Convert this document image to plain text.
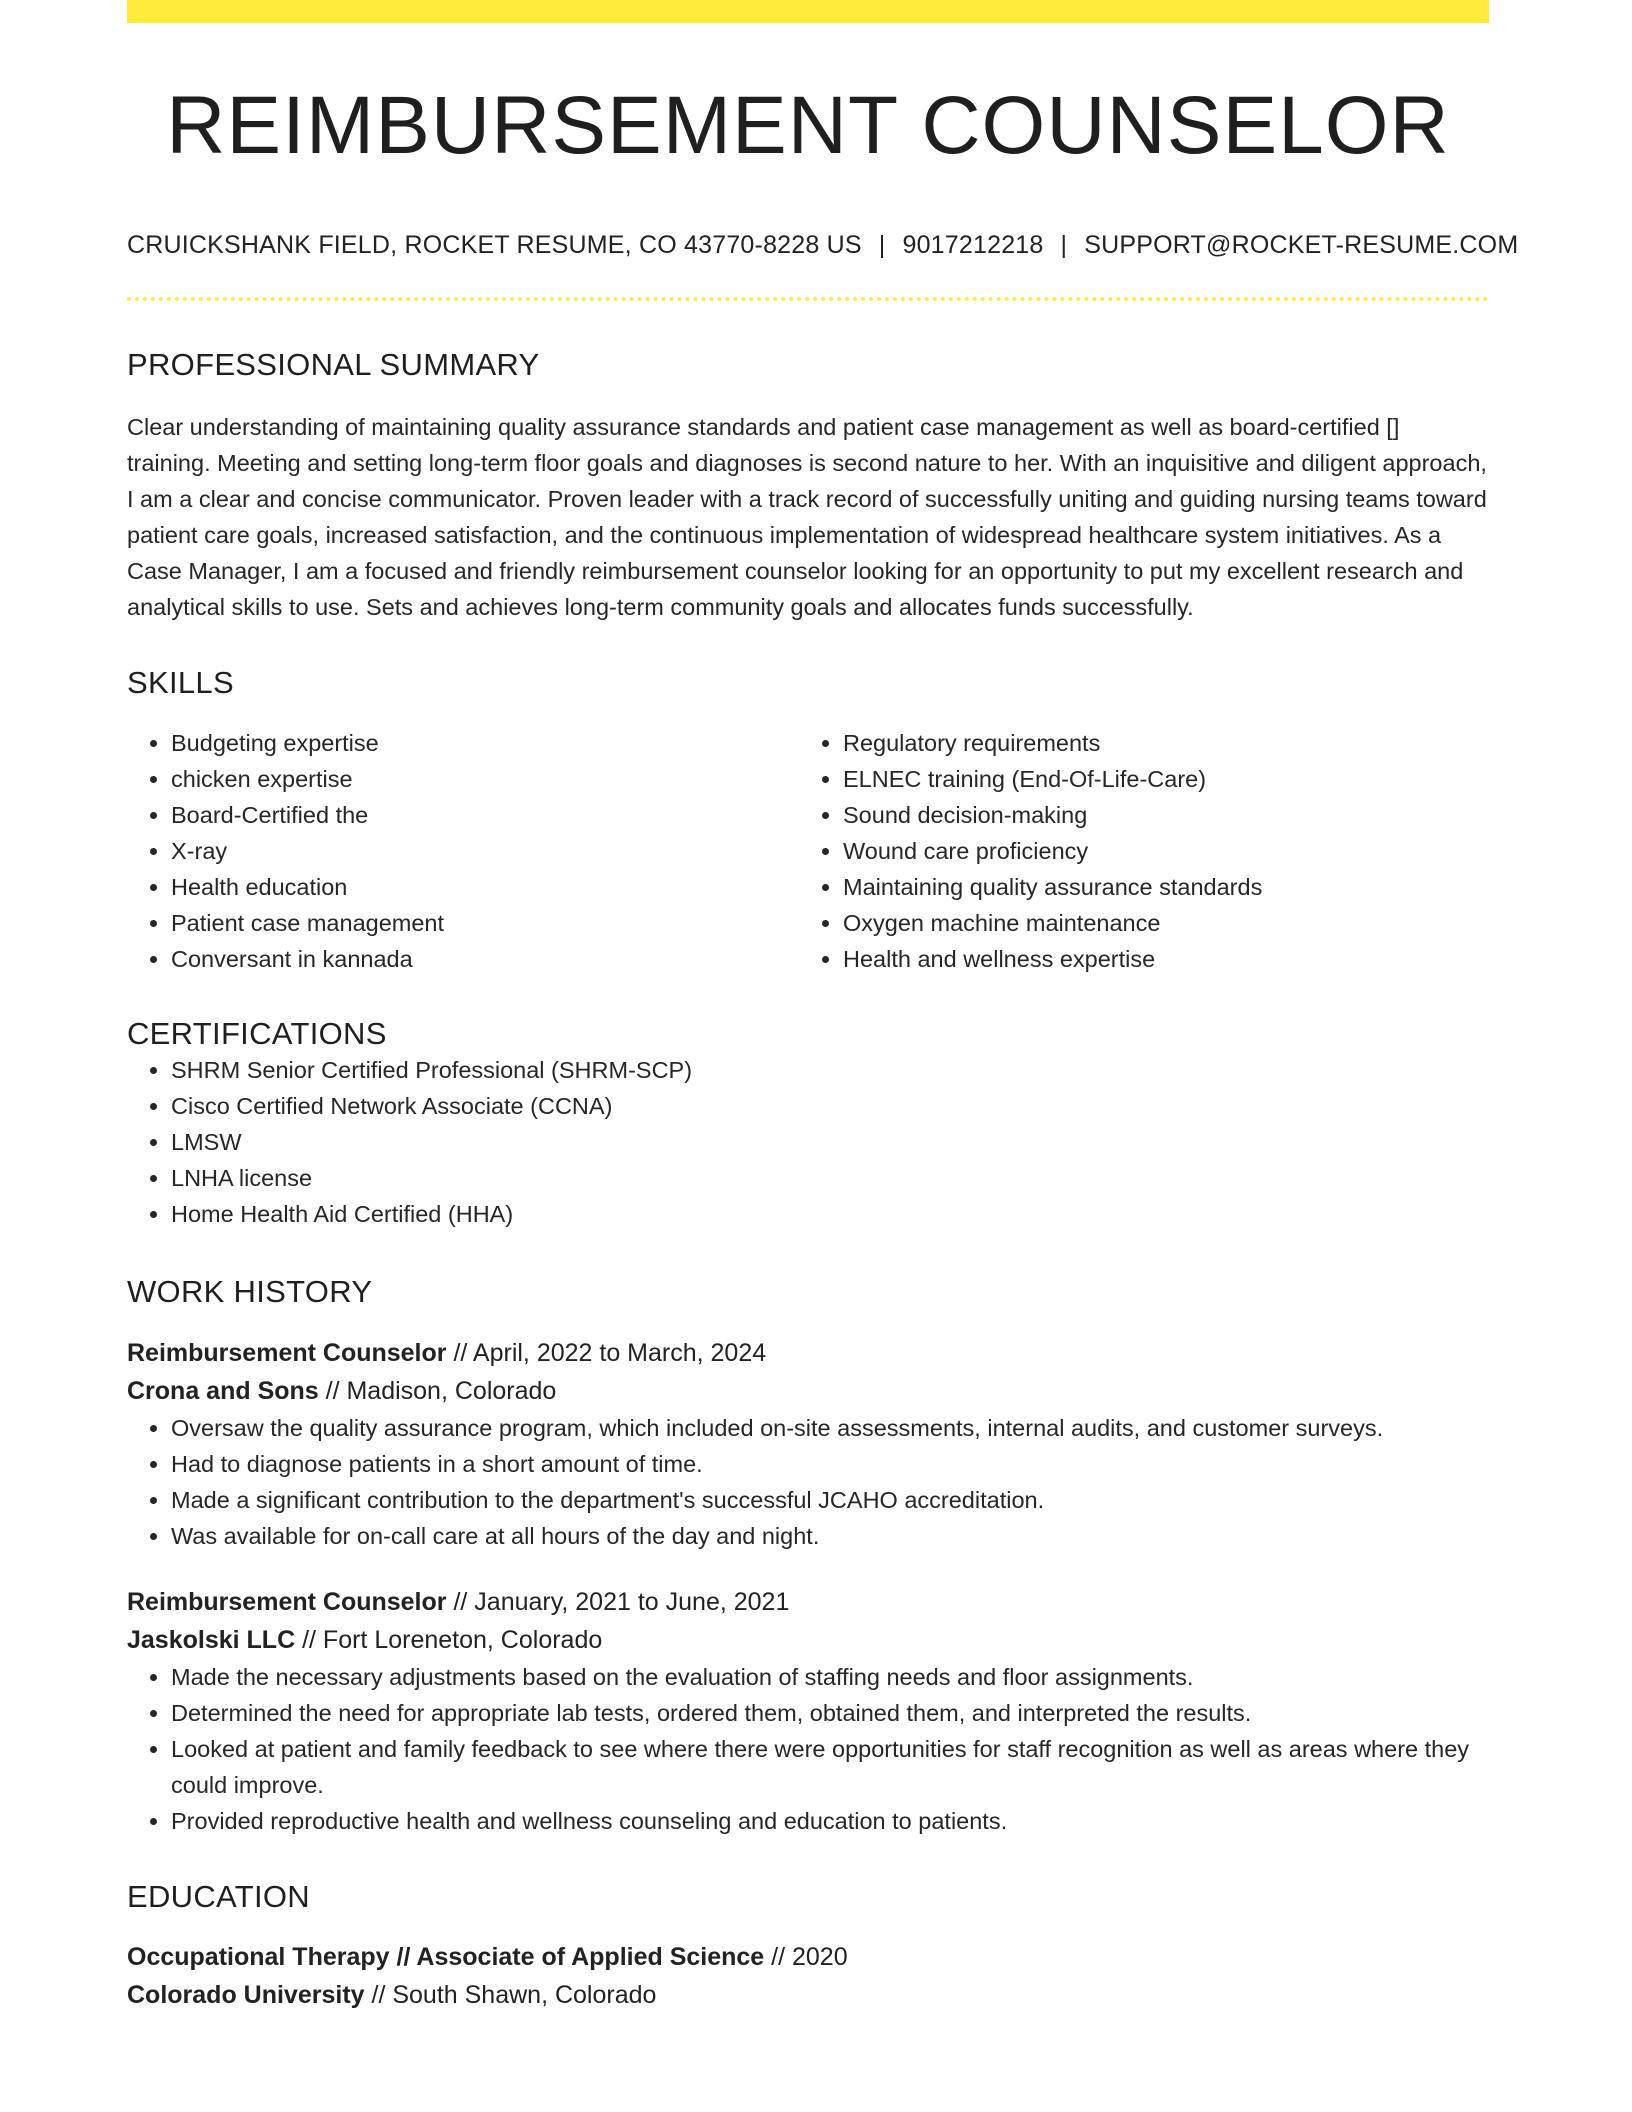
REIMBURSEMENT COUNSELOR
CRUICKSHANK FIELD, ROCKET RESUME, CO 43770-8228 US | 9017212218 | SUPPORT@ROCKET-RESUME.COM
PROFESSIONAL SUMMARY
Clear understanding of maintaining quality assurance standards and patient case management as well as board-certified [] training. Meeting and setting long-term floor goals and diagnoses is second nature to her. With an inquisitive and diligent approach, I am a clear and concise communicator. Proven leader with a track record of successfully uniting and guiding nursing teams toward patient care goals, increased satisfaction, and the continuous implementation of widespread healthcare system initiatives. As a Case Manager, I am a focused and friendly reimbursement counselor looking for an opportunity to put my excellent research and analytical skills to use. Sets and achieves long-term community goals and allocates funds successfully.
SKILLS
• Budgeting expertise
• chicken expertise
• Board-Certified the
• X-ray
• Health education
• Patient case management
• Conversant in kannada
• Regulatory requirements
• ELNEC training (End-Of-Life-Care)
• Sound decision-making
• Wound care proficiency
• Maintaining quality assurance standards
• Oxygen machine maintenance
• Health and wellness expertise
CERTIFICATIONS
• SHRM Senior Certified Professional (SHRM-SCP)
• Cisco Certified Network Associate (CCNA)
• LMSW
• LNHA license
• Home Health Aid Certified (HHA)
WORK HISTORY
Reimbursement Counselor // April, 2022 to March, 2024
Crona and Sons // Madison, Colorado
• Oversaw the quality assurance program, which included on-site assessments, internal audits, and customer surveys.
• Had to diagnose patients in a short amount of time.
• Made a significant contribution to the department's successful JCAHO accreditation.
• Was available for on-call care at all hours of the day and night.
Reimbursement Counselor // January, 2021 to June, 2021
Jaskolski LLC // Fort Loreneton, Colorado
• Made the necessary adjustments based on the evaluation of staffing needs and floor assignments.
• Determined the need for appropriate lab tests, ordered them, obtained them, and interpreted the results.
• Looked at patient and family feedback to see where there were opportunities for staff recognition as well as areas where they could improve.
• Provided reproductive health and wellness counseling and education to patients.
EDUCATION
Occupational Therapy // Associate of Applied Science // 2020
Colorado University // South Shawn, Colorado
